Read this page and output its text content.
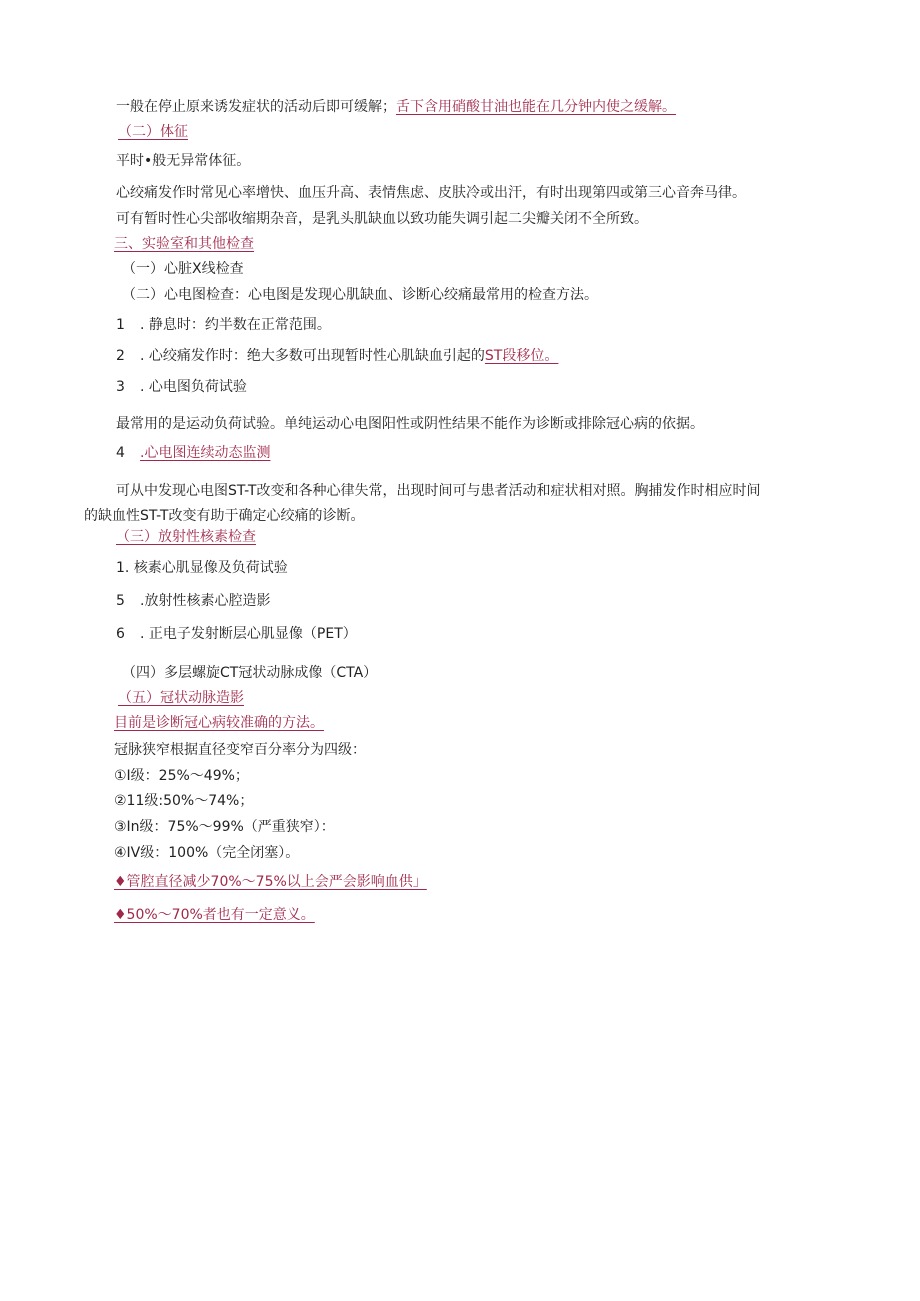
一般在停止原来诱发症状的活动后即可缓解；舌下含用硝酸甘油也能在几分钟内使之缓解。
（二）体征
平时•般无异常体征。
心绞痛发作时常见心率增快、血压升高、表情焦虑、皮肤冷或出汗，有时出现第四或第三心音奔马律。
可有暂时性心尖部收缩期杂音，是乳头肌缺血以致功能失调引起二尖瓣关闭不全所致。
三、实验室和其他检查
（一）心脏X线检查
（二）心电图检查：心电图是发现心肌缺血、诊断心绞痛最常用的检查方法。
1 . 静息时：约半数在正常范围。
2 . 心绞痛发作时：绝大多数可出现暂时性心肌缺血引起的ST段移位。
3 . 心电图负荷试验
最常用的是运动负荷试验。单纯运动心电图阳性或阴性结果不能作为诊断或排除冠心病的依据。
4 .心电图连续动态监测
可从中发现心电图ST-T改变和各种心律失常，出现时间可与患者活动和症状相对照。胸捕发作时相应时间
的缺血性ST-T改变有助于确定心绞痛的诊断。
（三）放射性核素检查
1. 核素心肌显像及负荷试验
5 .放射性核素心腔造影
6 . 正电子发射断层心肌显像（PET）
（四）多层螺旋CT冠状动脉成像（CTA）
（五）冠状动脉造影
目前是诊断冠心病较准确的方法。
冠脉狭窄根据直径变窄百分率分为四级：
①I级：25%～49%；
②11级:50%～74%；
③In级：75%～99%（严重狭窄）：
④IV级：100%（完全闭塞）。
♦管腔直径减少70%～75%以上会严会影响血供」
♦50%～70%者也有一定意义。
